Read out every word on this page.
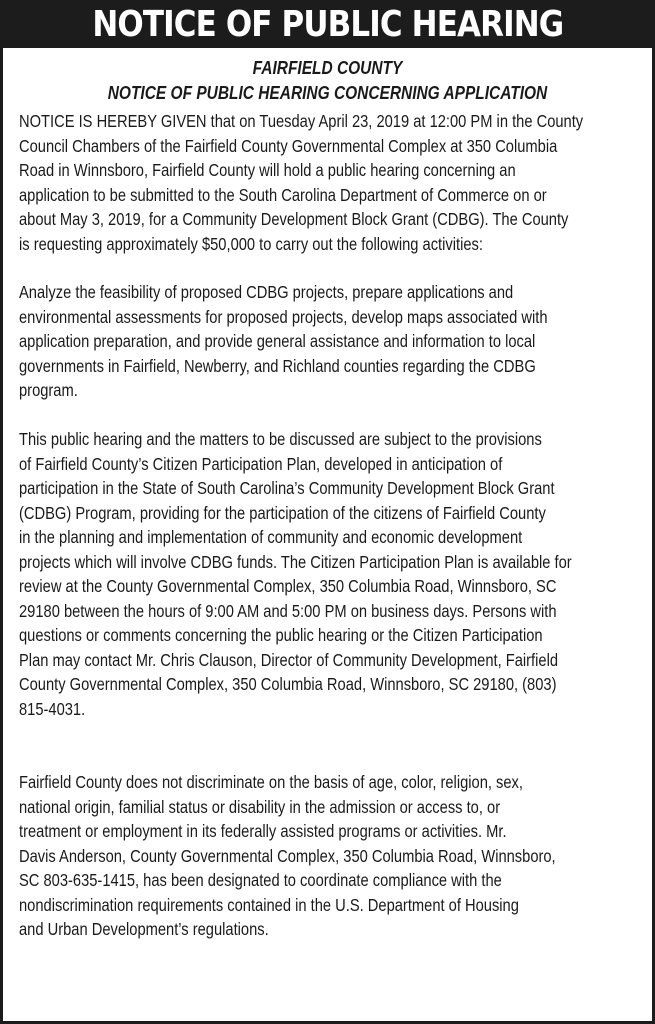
NOTICE OF PUBLIC HEARING
FAIRFIELD COUNTY
NOTICE OF PUBLIC HEARING CONCERNING APPLICATION

NOTICE IS HEREBY GIVEN that on Tuesday April 23, 2019 at 12:00 PM in the County
Council Chambers of the Fairfield County Governmental Complex at 350 Columbia
Road in Winnsboro, Fairfield County will hold a public hearing concerning an
application to be submitted to the South Carolina Department of Commerce on or
about May 3, 2019, for a Community Development Block Grant (CDBG). The County
is requesting approximately $50,000 to carry out the following activities:

Analyze the feasibility of proposed CDBG projects, prepare applications and
environmental assessments for proposed projects, develop maps associated with
application preparation, and provide general assistance and information to local
governments in Fairfield, Newberry, and Richland counties regarding the CDBG
program.

This public hearing and the matters to be discussed are subject to the provisions
of Fairfield County’s Citizen Participation Plan, developed in anticipation of
participation in the State of South Carolina’s Community Development Block Grant
(CDBG) Program, providing for the participation of the citizens of Fairfield County
in the planning and implementation of community and economic development
projects which will involve CDBG funds. The Citizen Participation Plan is available for
review at the County Governmental Complex, 350 Columbia Road, Winnsboro, SC
29180 between the hours of 9:00 AM and 5:00 PM on business days. Persons with
questions or comments concerning the public hearing or the Citizen Participation
Plan may contact Mr. Chris Clauson, Director of Community Development, Fairfield
County Governmental Complex, 350 Columbia Road, Winnsboro, SC 29180, (803)
815-4031.

Fairfield County does not discriminate on the basis of age, color, religion, sex,
national origin, familial status or disability in the admission or access to, or
treatment or employment in its federally assisted programs or activities. Mr.
Davis Anderson, County Governmental Complex, 350 Columbia Road, Winnsboro,
SC 803-635-1415, has been designated to coordinate compliance with the
nondiscrimination requirements contained in the U.S. Department of Housing
and Urban Development’s regulations.
